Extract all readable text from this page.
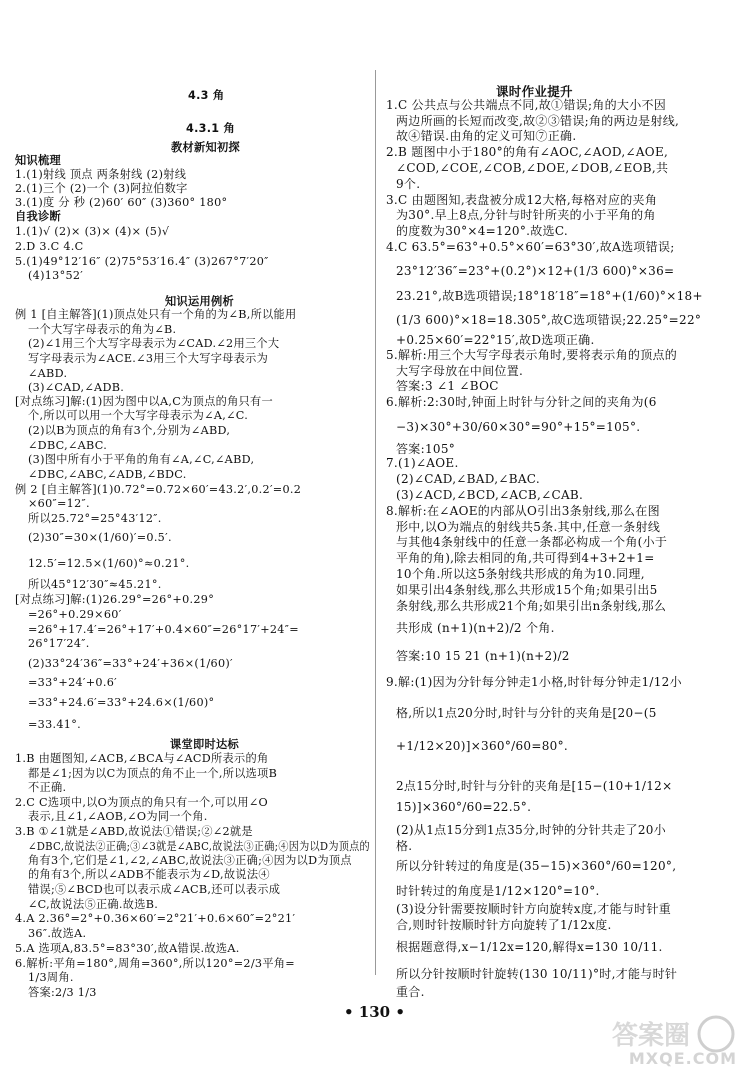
4.3 角
4.3.1 角
教材新知初探
知识梳理
1.(1)射线 顶点 两条射线 (2)射线
2.(1)三个 (2)一个 (3)阿拉伯数字
3.(1)度 分 秒 (2)60′ 60″ (3)360° 180°
自我诊断
1.(1)√ (2)× (3)× (4)× (5)√
2.D 3.C 4.C
5.(1)49°12′16″ (2)75°53′16.4″ (3)267°7′20″
(4)13°52′
知识运用例析
例 1 [自主解答](1)顶点处只有一个角的为∠B,所以能用
一个大写字母表示的角为∠B.
(2)∠1用三个大写字母表示为∠CAD.∠2用三个大
写字母表示为∠ACE.∠3用三个大写字母表示为
∠ABD.
(3)∠CAD,∠ADB.
[对点练习]解:(1)因为图中以A,C为顶点的角只有一
个,所以可以用一个大写字母表示为∠A,∠C.
(2)以B为顶点的角有3个,分别为∠ABD,
∠DBC,∠ABC.
(3)图中所有小于平角的角有∠A,∠C,∠ABD,
∠DBC,∠ABC,∠ADB,∠BDC.
例 2 [自主解答](1)0.72°=0.72×60′=43.2′,0.2′=0.2
×60″=12″.
所以25.72°=25°43′12″.
(2)30″=30×(1/60)′=0.5′.
12.5′=12.5×(1/60)°≈0.21°.
所以45°12′30″≈45.21°.
[对点练习]解:(1)26.29°=26°+0.29°
=26°+0.29×60′
=26°+17.4′=26°+17′+0.4×60″=26°17′+24″=
26°17′24″.
(2)33°24′36″=33°+24′+36×(1/60)′
=33°+24′+0.6′
=33°+24.6′=33°+24.6×(1/60)°
=33.41°.
课堂即时达标
1.B 由题图知,∠ACB,∠BCA与∠ACD所表示的角
都是∠1;因为以C为顶点的角不止一个,所以选项B
不正确.
2.C C选项中,以O为顶点的角只有一个,可以用∠O
表示,且∠1,∠AOB,∠O为同一个角.
3.B ①∠1就是∠ABD,故说法①错误;②∠2就是
∠DBC,故说法②正确;③∠3就是∠ABC,故说法③正确;④因为以D为顶点的
角有3个,它们是∠1,∠2,∠ABC,故说法③正确;④因为以D为顶点
的角有3个,所以∠ADB不能表示为∠D,故说法④
错误;⑤∠BCD也可以表示成∠ACB,还可以表示成
∠C,故说法⑤正确.故选B.
4.A 2.36°=2°+0.36×60′=2°21′+0.6×60″=2°21′
36″.故选A.
5.A 选项A,83.5°=83°30′,故A错误.故选A.
6.解析:平角=180°,周角=360°,所以120°=2/3平角=
1/3周角.
答案:2/3 1/3
课时作业提升
1.C 公共点与公共端点不同,故①错误;角的大小不因
两边所画的长短而改变,故②③错误;角的两边是射线,
故④错误.由角的定义可知⑦正确.
2.B 题图中小于180°的角有∠AOC,∠AOD,∠AOE,
∠COD,∠COE,∠COB,∠DOE,∠DOB,∠EOB,共
9个.
3.C 由题图知,表盘被分成12大格,每格对应的夹角
为30°.早上8点,分针与时针所夹的小于平角的角
的度数为30°×4=120°.故选C.
4.C 63.5°=63°+0.5°×60′=63°30′,故A选项错误;
23°12′36″=23°+(0.2°)×12+(1/3 600)°×36=
23.21°,故B选项错误;18°18′18″=18°+(1/60)°×18+
(1/3 600)°×18=18.305°,故C选项错误;22.25°=22°
+0.25×60′=22°15′,故D选项正确.
5.解析:用三个大写字母表示角时,要将表示角的顶点的
大写字母放在中间位置.
答案:3 ∠1 ∠BOC
6.解析:2:30时,钟面上时针与分针之间的夹角为(6
−3)×30°+30/60×30°=90°+15°=105°.
答案:105°
7.(1)∠AOE.
(2)∠CAD,∠BAD,∠BAC.
(3)∠ACD,∠BCD,∠ACB,∠CAB.
8.解析:在∠AOE的内部从O引出3条射线,那么在图
形中,以O为端点的射线共5条.其中,任意一条射线
与其他4条射线中的任意一条都必构成一个角(小于
平角的角),除去相同的角,共可得到4+3+2+1=
10个角.所以这5条射线共形成的角为10.同理,
如果引出4条射线,那么共形成15个角;如果引出5
条射线,那么共形成21个角;如果引出n条射线,那么
共形成 (n+1)(n+2)/2 个角.
答案:10 15 21 (n+1)(n+2)/2
9.解:(1)因为分针每分钟走1小格,时针每分钟走1/12小
格,所以1点20分时,时针与分针的夹角是[20−(5
+1/12×20)]×360°/60=80°.
2点15分时,时针与分针的夹角是[15−(10+1/12×
15)]×360°/60=22.5°.
(2)从1点15分到1点35分,时钟的分针共走了20小
格.
所以分针转过的角度是(35−15)×360°/60=120°,
时针转过的角度是1/12×120°=10°.
(3)设分针需要按顺时针方向旋转x度,才能与时针重
合,则时针按顺时针方向旋转了1/12x度.
根据题意得,x−1/12x=120,解得x=130 10/11.
所以分针按顺时针旋转(130 10/11)°时,才能与时针
重合.
• 130 •
答案圈
MXQE.COM
